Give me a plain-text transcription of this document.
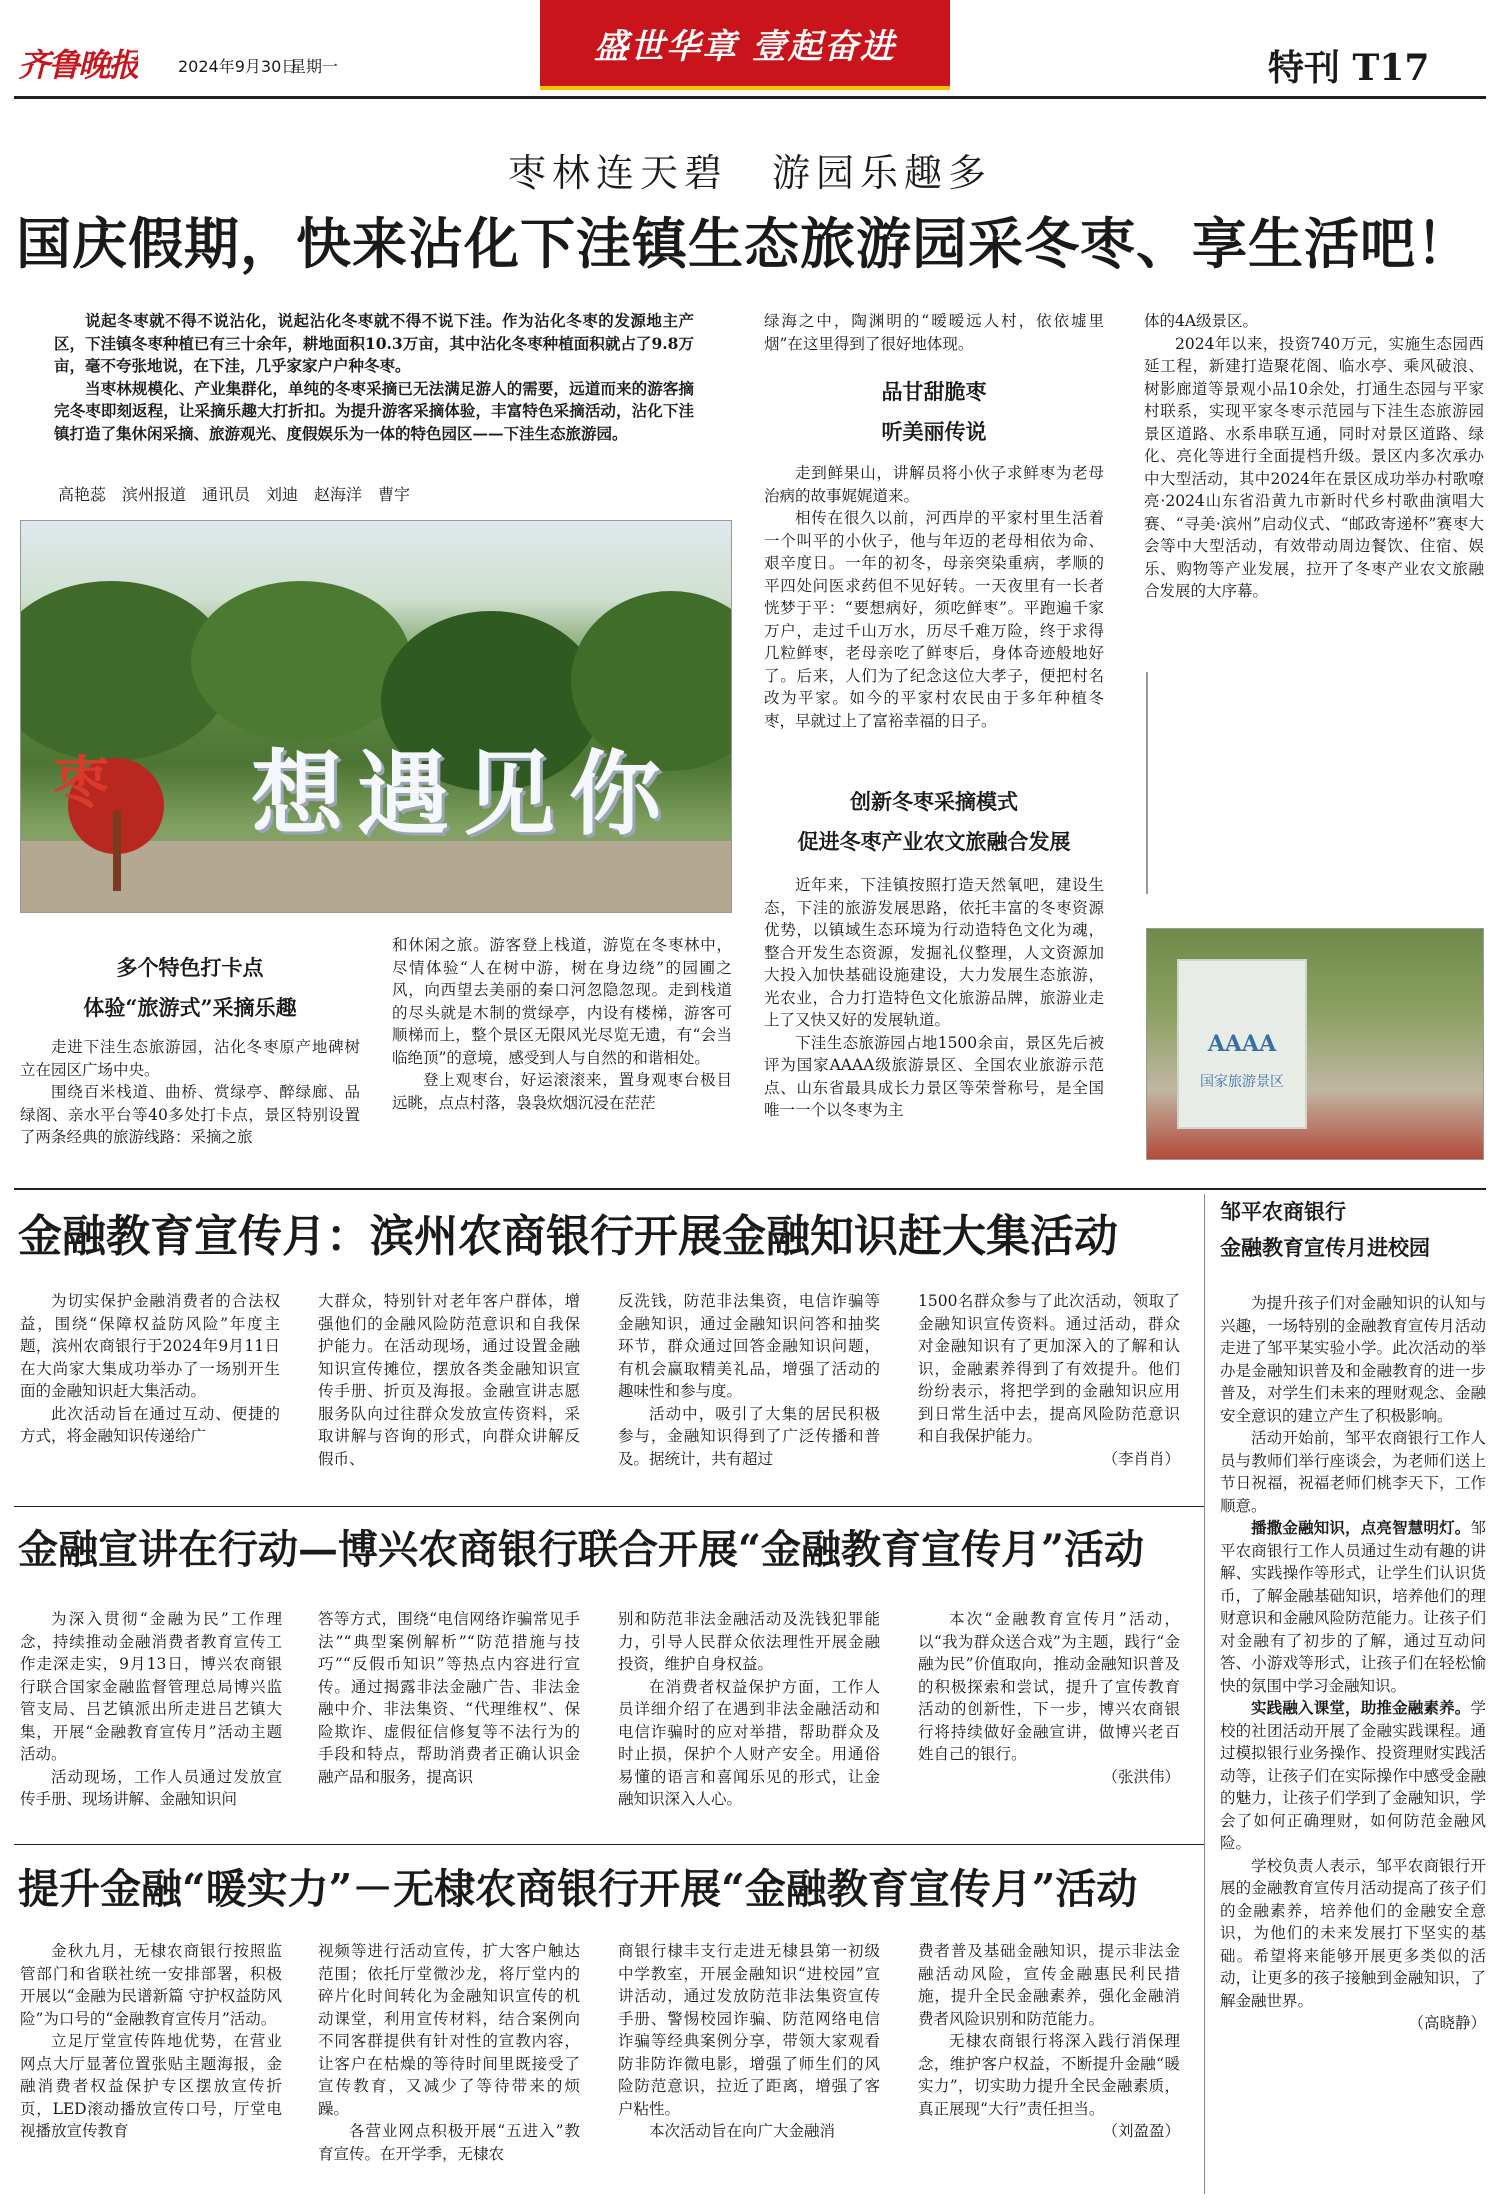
齐鲁晚报 2024年9月30日
星期一	盛世华章 壹起奋进
特刊 T17
枣林连天碧　游园乐趣多
国庆假期，快来沾化下洼镇生态旅游园采冬枣、享生活吧！

说起冬枣就不得不说沾化，说起沾化冬枣就不得不说下洼。作为沾化冬枣的发源地主产区，下洼镇冬枣种植已有三十余年，耕地面积10.3万亩，其中沾化冬枣种植面积就占了9.8万亩，毫不夸张地说，在下洼，几乎家家户户种冬枣。

当枣林规模化、产业集群化，单纯的冬枣采摘已无法满足游人的需要，远道而来的游客摘完冬枣即刻返程，让采摘乐趣大打折扣。为提升游客采摘体验，丰富特色采摘活动，沾化下洼镇打造了集休闲采摘、旅游观光、度假娱乐为一体的特色园区——下洼生态旅游园。

高艳蕊　滨州报道　通讯员　刘迪　赵海洋　曹宇
枣 想遇见你
多个特色打卡点
体验“旅游式”采摘乐趣

走进下洼生态旅游园，沾化冬枣原产地碑树立在园区广场中央。

围绕百米栈道、曲桥、赏绿亭、醉绿廊、品绿阁、亲水平台等40多处打卡点，景区特别设置了两条经典的旅游线路：采摘之旅

和休闲之旅。游客登上栈道，游览在冬枣林中，尽情体验“人在树中游，树在身边绕”的园圃之风，向西望去美丽的秦口河忽隐忽现。走到栈道的尽头就是木制的赏绿亭，内设有楼梯，游客可顺梯而上，整个景区无限风光尽览无遗，有“会当临绝顶”的意境，感受到人与自然的和谐相处。

登上观枣台，好运滚滚来，置身观枣台极目远眺，点点村落，袅袅炊烟沉浸在茫茫

绿海之中，陶渊明的“暧暧远人村，依依墟里烟”在这里得到了很好地体现。

品甘甜脆枣
听美丽传说

走到鲜果山，讲解员将小伙子求鲜枣为老母治病的故事娓娓道来。

相传在很久以前，河西岸的平家村里生活着一个叫平的小伙子，他与年迈的老母相依为命、艰辛度日。一年的初冬，母亲突染重病，孝顺的平四处问医求药但不见好转。一天夜里有一长者恍梦于平：“要想病好，须吃鲜枣”。平跑遍千家万户，走过千山万水，历尽千难万险，终于求得几粒鲜枣，老母亲吃了鲜枣后，身体奇迹般地好了。后来，人们为了纪念这位大孝子，便把村名改为平家。如今的平家村农民由于多年种植冬枣，早就过上了富裕幸福的日子。

创新冬枣采摘模式
促进冬枣产业农文旅融合发展

近年来，下洼镇按照打造天然氧吧，建设生态，下洼的旅游发展思路，依托丰富的冬枣资源优势，以镇域生态环境为行动造特色文化为魂，整合开发生态资源，发掘礼仪整理，人文资源加大投入加快基础设施建设，大力发展生态旅游，光农业，合力打造特色文化旅游品牌，旅游业走上了又快又好的发展轨道。

下洼生态旅游园占地1500余亩，景区先后被评为国家AAAA级旅游景区、全国农业旅游示范点、山东省最具成长力景区等荣誉称号，是全国唯一一个以冬枣为主

体的4A级景区。

2024年以来，投资740万元，实施生态园西延工程，新建打造聚花阁、临水亭、乘风破浪、树影廊道等景观小品10余处，打通生态园与平家村联系，实现平家冬枣示范园与下洼生态旅游园景区道路、水系串联互通，同时对景区道路、绿化、亮化等进行全面提档升级。景区内多次承办中大型活动，其中2024年在景区成功举办村歌嘹亮·2024山东省沿黄九市新时代乡村歌曲演唱大赛、“寻美·滨州”启动仪式、“邮政寄递杯”赛枣大会等中大型活动，有效带动周边餐饮、住宿、娱乐、购物等产业发展，拉开了冬枣产业农文旅融合发展的大序幕。

AAAA
国家旅游景区
金融教育宣传月：滨州农商银行开展金融知识赶大集活动

为切实保护金融消费者的合法权益，围绕“保障权益防风险”年度主题，滨州农商银行于2024年9月11日在大尚家大集成功举办了一场别开生面的金融知识赶大集活动。

此次活动旨在通过互动、便捷的方式，将金融知识传递给广

大群众，特别针对老年客户群体，增强他们的金融风险防范意识和自我保护能力。在活动现场，通过设置金融知识宣传摊位，摆放各类金融知识宣传手册、折页及海报。金融宣讲志愿服务队向过往群众发放宣传资料，采取讲解与咨询的形式，向群众讲解反假币、

反洗钱，防范非法集资，电信诈骗等金融知识，通过金融知识问答和抽奖环节，群众通过回答金融知识问题，有机会赢取精美礼品，增强了活动的趣味性和参与度。

活动中，吸引了大集的居民积极参与，金融知识得到了广泛传播和普及。据统计，共有超过

1500名群众参与了此次活动，领取了金融知识宣传资料。通过活动，群众对金融知识有了更加深入的了解和认识，金融素养得到了有效提升。他们纷纷表示，将把学到的金融知识应用到日常生活中去，提高风险防范意识和自我保护能力。

（李肖肖）

金融宣讲在行动—博兴农商银行联合开展“金融教育宣传月”活动

为深入贯彻“金融为民”工作理念，持续推动金融消费者教育宣传工作走深走实，9月13日，博兴农商银行联合国家金融监督管理总局博兴监管支局、吕艺镇派出所走进吕艺镇大集，开展“金融教育宣传月”活动主题活动。

活动现场，工作人员通过发放宣传手册、现场讲解、金融知识问

答等方式，围绕“电信网络诈骗常见手法”“典型案例解析”“防范措施与技巧”“反假币知识”等热点内容进行宣传。通过揭露非法金融广告、非法金融中介、非法集资、“代理维权”、保险欺诈、虚假征信修复等不法行为的手段和特点，帮助消费者正确认识金融产品和服务，提高识

别和防范非法金融活动及洗钱犯罪能力，引导人民群众依法理性开展金融投资，维护自身权益。

在消费者权益保护方面，工作人员详细介绍了在遇到非法金融活动和电信诈骗时的应对举措，帮助群众及时止损，保护个人财产安全。用通俗易懂的语言和喜闻乐见的形式，让金融知识深入人心。

本次“金融教育宣传月”活动，以“我为群众送合戏”为主题，践行“金融为民”价值取向，推动金融知识普及的积极探索和尝试，提升了宣传教育活动的创新性，下一步，博兴农商银行将持续做好金融宣讲，做博兴老百姓自己的银行。

（张洪伟）

提升金融“暖实力”－无棣农商银行开展“金融教育宣传月”活动

金秋九月，无棣农商银行按照监管部门和省联社统一安排部署，积极开展以“金融为民谱新篇 守护权益防风险”为口号的“金融教育宣传月”活动。

立足厅堂宣传阵地优势，在营业网点大厅显著位置张贴主题海报，金融消费者权益保护专区摆放宣传折页，LED滚动播放宣传口号，厅堂电视播放宣传教育

视频等进行活动宣传，扩大客户触达范围；依托厅堂微沙龙，将厅堂内的碎片化时间转化为金融知识宣传的机动课堂，利用宣传材料，结合案例向不同客群提供有针对性的宣教内容，让客户在枯燥的等待时间里既接受了宣传教育，又减少了等待带来的烦躁。

各营业网点积极开展“五进入”教育宣传。在开学季，无棣农

商银行棣丰支行走进无棣县第一初级中学教室，开展金融知识“进校园”宣讲活动，通过发放防范非法集资宣传手册、警惕校园诈骗、防范网络电信诈骗等经典案例分享，带领大家观看防非防诈微电影，增强了师生们的风险防范意识，拉近了距离，增强了客户粘性。

本次活动旨在向广大金融消

费者普及基础金融知识，提示非法金融活动风险，宣传金融惠民利民措施，提升全民金融素养，强化金融消费者风险识别和防范能力。

无棣农商银行将深入践行消保理念，维护客户权益，不断提升金融“暖实力”，切实助力提升全民金融素质，真正展现“大行”责任担当。

（刘盈盈）

邹平农商银行
金融教育宣传月进校园

为提升孩子们对金融知识的认知与兴趣，一场特别的金融教育宣传月活动走进了邹平某实验小学。此次活动的举办是金融知识普及和金融教育的进一步普及，对学生们未来的理财观念、金融安全意识的建立产生了积极影响。

活动开始前，邹平农商银行工作人员与教师们举行座谈会，为老师们送上节日祝福，祝福老师们桃李天下，工作顺意。

播撒金融知识，点亮智慧明灯。邹平农商银行工作人员通过生动有趣的讲解、实践操作等形式，让学生们认识货币，了解金融基础知识，培养他们的理财意识和金融风险防范能力。让孩子们对金融有了初步的了解，通过互动问答、小游戏等形式，让孩子们在轻松愉快的氛围中学习金融知识。

实践融入课堂，助推金融素养。学校的社团活动开展了金融实践课程。通过模拟银行业务操作、投资理财实践活动等，让孩子们在实际操作中感受金融的魅力，让孩子们学到了金融知识，学会了如何正确理财，如何防范金融风险。

学校负责人表示，邹平农商银行开展的金融教育宣传月活动提高了孩子们的金融素养，培养他们的金融安全意识，为他们的未来发展打下坚实的基础。希望将来能够开展更多类似的活动，让更多的孩子接触到金融知识，了解金融世界。

（高晓静）
